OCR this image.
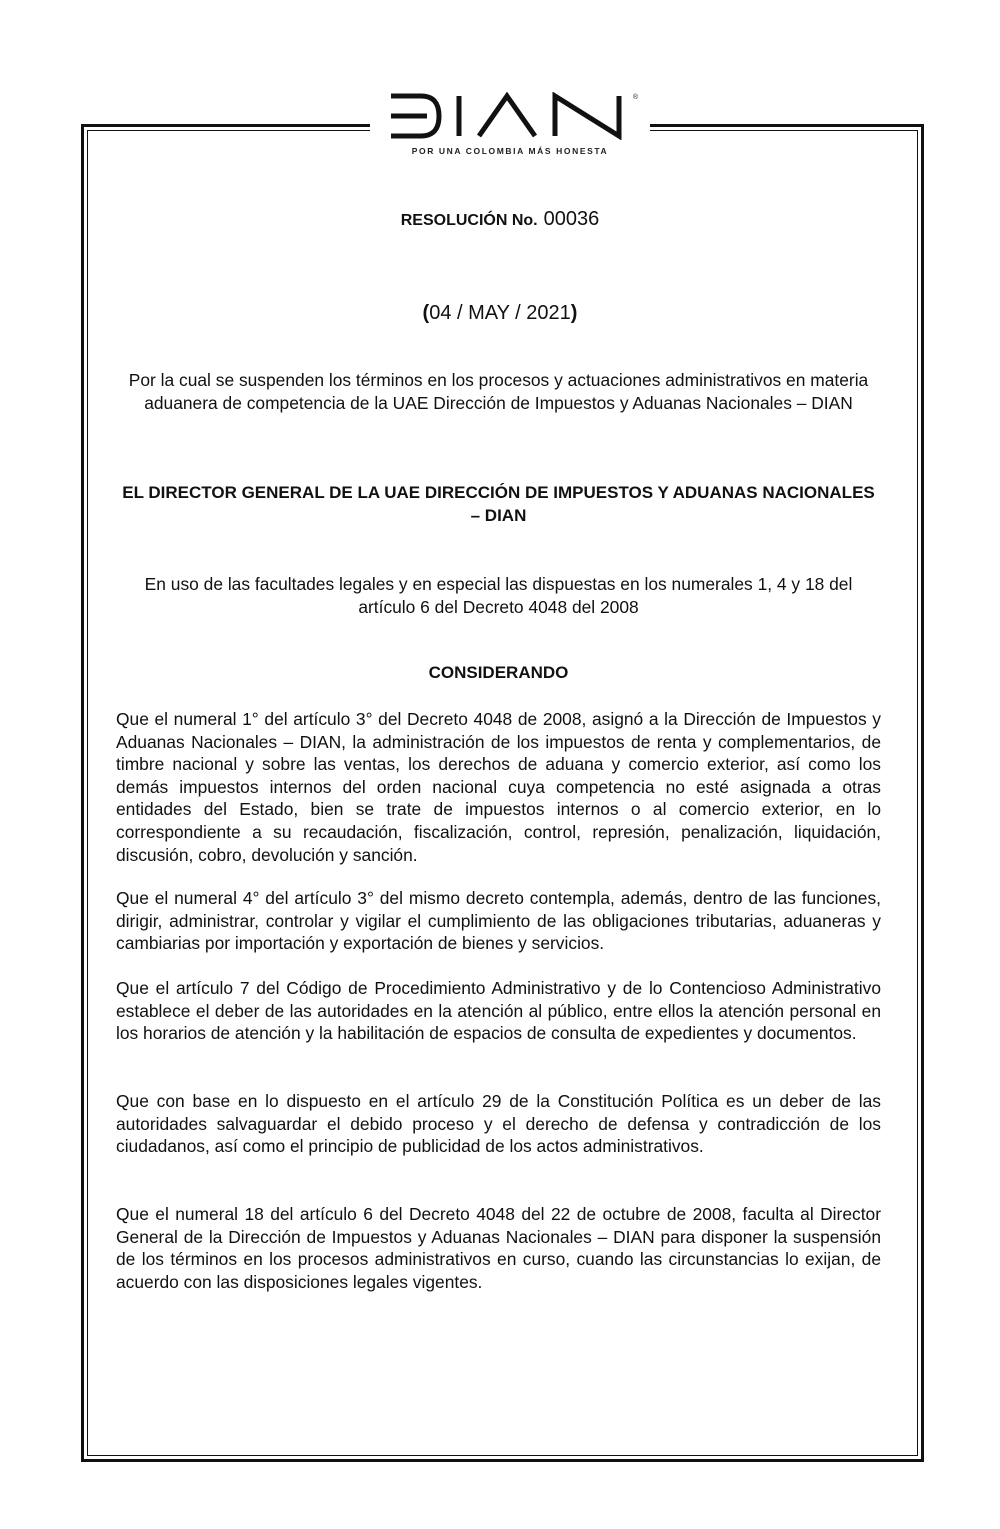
®
POR UNA COLOMBIA MÁS HONESTA
RESOLUCIÓN No. 00036
(04 / MAY / 2021)
Por la cual se suspenden los términos en los procesos y actuaciones administrativos en materia aduanera de competencia de la UAE Dirección de Impuestos y Aduanas Nacionales – DIAN
EL DIRECTOR GENERAL DE LA UAE DIRECCIÓN DE IMPUESTOS Y ADUANAS NACIONALES – DIAN
En uso de las facultades legales y en especial las dispuestas en los numerales 1, 4 y 18 del artículo 6 del Decreto 4048 del 2008
CONSIDERANDO
Que el numeral 1° del artículo 3° del Decreto 4048 de 2008, asignó a la Dirección de Impuestos y Aduanas Nacionales – DIAN, la administración de los impuestos de renta y complementarios, de timbre nacional y sobre las ventas, los derechos de aduana y comercio exterior, así como los demás impuestos internos del orden nacional cuya competencia no esté asignada a otras entidades del Estado, bien se trate de impuestos internos o al comercio exterior, en lo correspondiente a su recaudación, fiscalización, control, represión, penalización, liquidación, discusión, cobro, devolución y sanción.
Que el numeral 4° del artículo 3° del mismo decreto contempla, además, dentro de las funciones, dirigir, administrar, controlar y vigilar el cumplimiento de las obligaciones tributarias, aduaneras y cambiarias por importación y exportación de bienes y servicios.
Que el artículo 7 del Código de Procedimiento Administrativo y de lo Contencioso Administrativo establece el deber de las autoridades en la atención al público, entre ellos la atención personal en los horarios de atención y la habilitación de espacios de consulta de expedientes y documentos.
Que con base en lo dispuesto en el artículo 29 de la Constitución Política es un deber de las autoridades salvaguardar el debido proceso y el derecho de defensa y contradicción de los ciudadanos, así como el principio de publicidad de los actos administrativos.
Que el numeral 18 del artículo 6 del Decreto 4048 del 22 de octubre de 2008, faculta al Director General de la Dirección de Impuestos y Aduanas Nacionales – DIAN para disponer la suspensión de los términos en los procesos administrativos en curso, cuando las circunstancias lo exijan, de acuerdo con las disposiciones legales vigentes.
